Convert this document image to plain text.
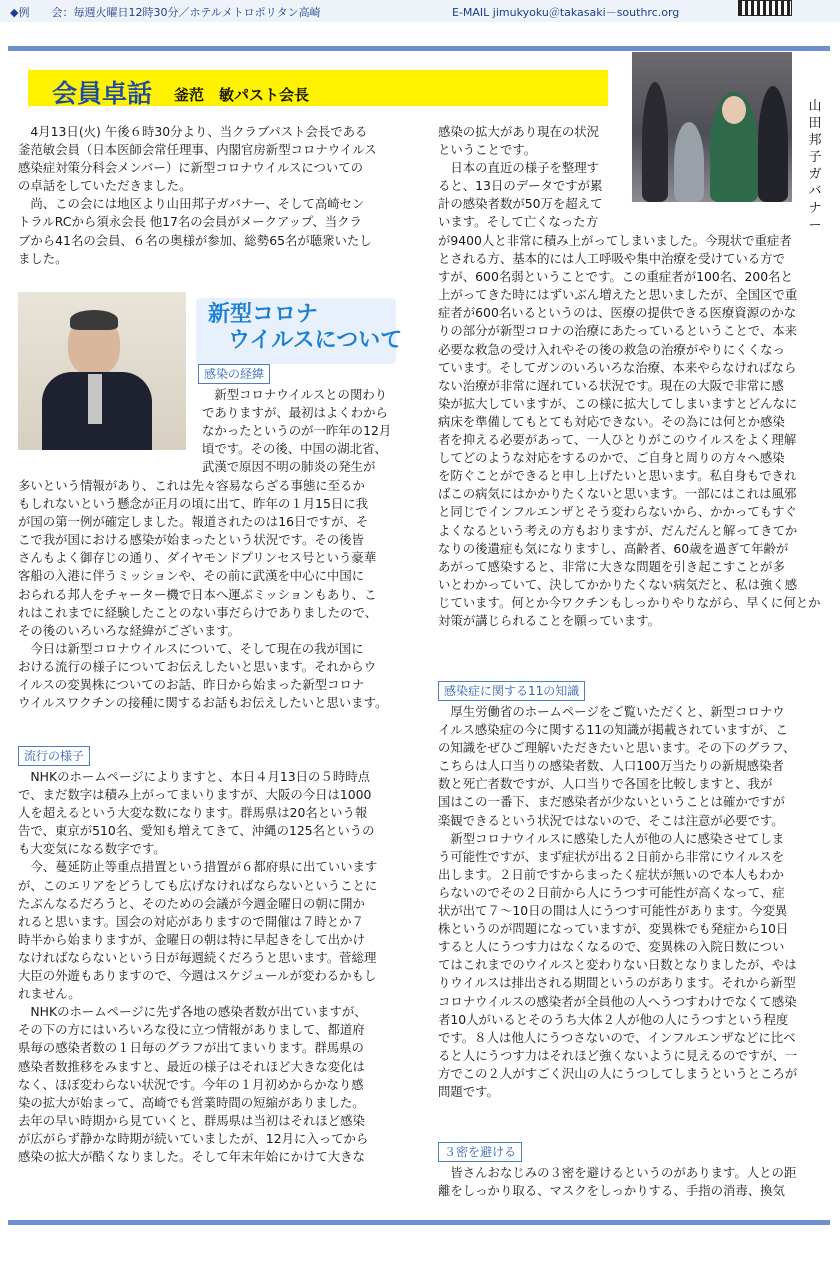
◆例　　会：毎週火曜日12時30分／ホテルメトロポリタン高崎	E-MAIL jimukyoku＠takasaki－southrc.org
会員卓話 釜范　敏パスト会長
山
田
邦
子
ガ
バ
ナ
ー
新型コロナ
ウイルスについて
感染の経緯
流行の様子
感染症に関する11の知識
３密を避ける
　4月13日(火) 午後６時30分より、当クラブパスト会長である
釜范敏会員（日本医師会常任理事、内閣官房新型コロナウイルス
感染症対策分科会メンバー）に新型コロナウイルスについての
の卓話をしていただきました。
　尚、この会には地区より山田邦子ガバナー、そして高崎セン
トラルRCから須永会長 他17名の会員がメークアップ、当クラ
ブから41名の会員、６名の奥様が参加、総勢65名が聴衆いたし
ました。
　新型コロナウイルスとの関わり
でありますが、最初はよくわから
なかったというのが一昨年の12月
頃です。その後、中国の湖北省、
武漢で原因不明の肺炎の発生が
多いという情報があり、これは先々容易ならざる事態に至るか
もしれないという懸念が正月の頃に出て、昨年の１月15日に我
が国の第一例が確定しました。報道されたのは16日ですが、そ
こで我が国における感染が始まったという状況です。その後皆
さんもよく御存じの通り、ダイヤモンドプリンセス号という豪華
客船の入港に伴うミッションや、その前に武漢を中心に中国に
おられる邦人をチャーター機で日本へ運ぶミッションもあり、こ
れはこれまでに経験したことのない事だらけでありましたので、
その後のいろいろな経緯がございます。
　今日は新型コロナウイルスについて、そして現在の我が国に
おける流行の様子についてお伝えしたいと思います。それからウ
イルスの変異株についてのお話、昨日から始まった新型コロナ
ウイルスワクチンの接種に関するお話もお伝えしたいと思います。
　NHKのホームページによりますと、本日４月13日の５時時点
で、まだ数字は積み上がってまいりますが、大阪の今日は1000
人を超えるという大変な数になります。群馬県は20名という報
告で、東京が510名、愛知も増えてきて、沖縄の125名というの
も大変気になる数字です。
　今、蔓延防止等重点措置という措置が６都府県に出ていいます
が、このエリアをどうしても広げなければならないということに
たぶんなるだろうと、そのための会議が今週金曜日の朝に開か
れると思います。国会の対応がありますので開催は７時とか７
時半から始まりますが、金曜日の朝は特に早起きをして出かけ
なければならないという日が毎週続くだろうと思います。菅総理
大臣の外遊もありますので、今週はスケジュールが変わるかもし
れません。
　NHKのホームページに先ず各地の感染者数が出ていますが、
その下の方にはいろいろな役に立つ情報がありまして、都道府
県毎の感染者数の１日毎のグラフが出てまいります。群馬県の
感染者数推移をみますと、最近の様子はそれほど大きな変化は
なく、ほぼ変わらない状況です。今年の１月初めからかなり感
染の拡大が始まって、高崎でも営業時間の短縮がありました。
去年の早い時期から見ていくと、群馬県は当初はそれほど感染
が広がらず静かな時期が続いていましたが、12月に入ってから
感染の拡大が酷くなりました。そして年末年始にかけて大きな
感染の拡大があり現在の状況
ということです。
　日本の直近の様子を整理す
ると、13日のデータですが累
計の感染者数が50万を超えて
います。そして亡くなった方
が9400人と非常に積み上がってしまいました。今現状で重症者
とされる方、基本的には人工呼吸や集中治療を受けている方で
すが、600名弱ということです。この重症者が100名、200名と
上がってきた時にはずいぶん増えたと思いましたが、全国区で重
症者が600名いるというのは、医療の提供できる医療資源のかな
りの部分が新型コロナの治療にあたっているということで、本来
必要な救急の受け入れやその後の救急の治療がやりにくくなっ
ています。そしてガンのいろいろな治療、本来やらなければなら
ない治療が非常に遅れている状況です。現在の大阪で非常に感
染が拡大していますが、この様に拡大してしまいますとどんなに
病床を準備してもとても対応できない。その為には何とか感染
者を抑える必要があって、一人ひとりがこのウイルスをよく理解
してどのような対応をするのかで、ご自身と周りの方々へ感染
を防ぐことができると申し上げたいと思います。私自身もできれ
ばこの病気にはかかりたくないと思います。一部にはこれは風邪
と同じでインフルエンザとそう変わらないから、かかってもすぐ
よくなるという考えの方もおりますが、だんだんと解ってきてか
なりの後遺症も気になりますし、高齢者、60歳を過ぎて年齢が
あがって感染すると、非常に大きな問題を引き起こすことが多
いとわかっていて、決してかかりたくない病気だと、私は強く感
じています。何とか今ワクチンもしっかりやりながら、早くに何とか
対策が講じられることを願っています。
　厚生労働省のホームページをご覧いただくと、新型コロナウ
イルス感染症の今に関する11の知識が掲載されていますが、こ
の知識をぜひご理解いただきたいと思います。その下のグラフ、
こちらは人口当りの感染者数、人口100万当たりの新規感染者
数と死亡者数ですが、人口当りで各国を比較しますと、我が
国はこの一番下、まだ感染者が少ないということは確かですが
楽観できるという状況ではないので、そこは注意が必要です。
　新型コロナウイルスに感染した人が他の人に感染させてしま
う可能性ですが、まず症状が出る２日前から非常にウイルスを
出します。２日前ですからまったく症状が無いので本人もわか
らないのでその２日前から人にうつす可能性が高くなって、症
状が出て７～10日の間は人にうつす可能性があります。今変異
株というのが問題になっていますが、変異株でも発症から10日
すると人にうつす力はなくなるので、変異株の入院日数につい
てはこれまでのウイルスと変わりない日数となりましたが、やは
りウイルスは排出される期間というのがあります。それから新型
コロナウイルスの感染者が全員他の人へうつすわけでなくて感染
者10人がいるとそのうち大体２人が他の人にうつすという程度
です。８人は他人にうつさないので、インフルエンザなどに比べ
ると人にうつす力はそれほど強くないように見えるのですが、一
方でこの２人がすごく沢山の人にうつしてしまうというところが
問題です。
　皆さんおなじみの３密を避けるというのがあります。人との距
離をしっかり取る、マスクをしっかりする、手指の消毒、換気
